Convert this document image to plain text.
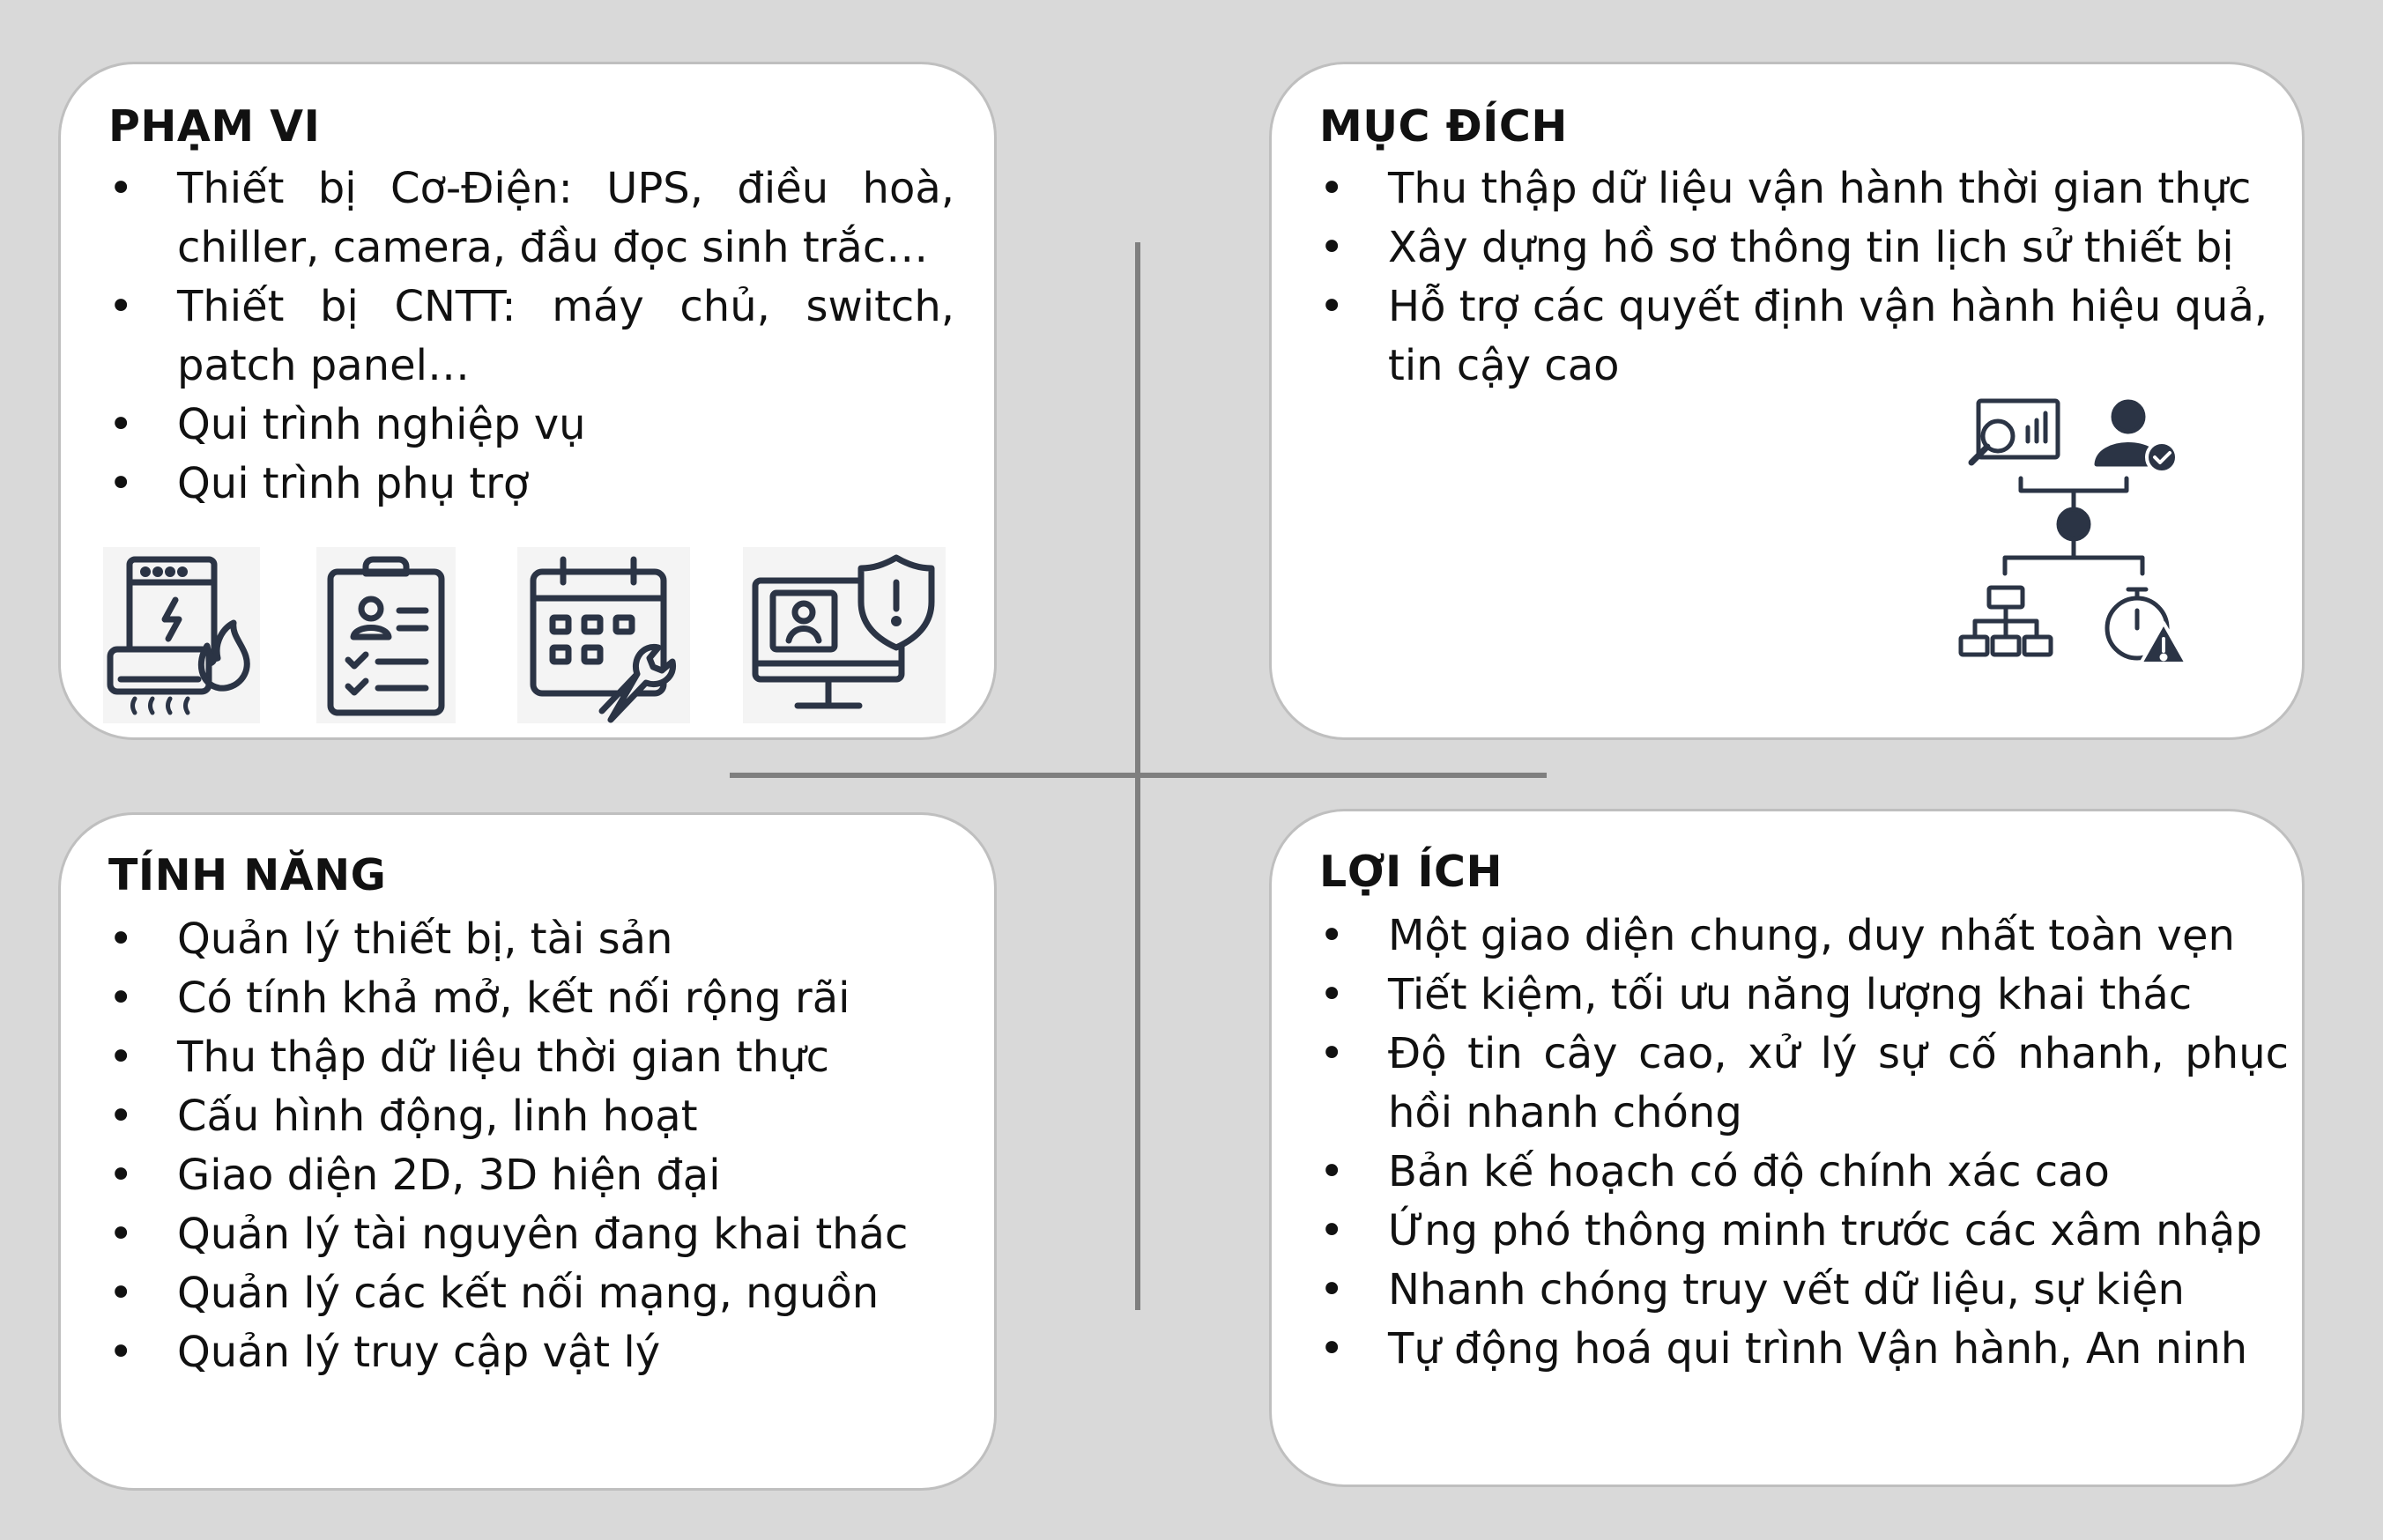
PHẠM VI
• Thiết bị Cơ-Điện: UPS, điều hoà, chiller, camera, đầu đọc sinh trắc…
• Thiết bị CNTT: máy chủ, switch, patch panel…
• Qui trình nghiệp vụ
• Qui trình phụ trợ
MỤC ĐÍCH
• Thu thập dữ liệu vận hành thời gian thực
• Xây dựng hồ sơ thông tin lịch sử thiết bị
• Hỗ trợ các quyết định vận hành hiệu quả, tin cậy cao
TÍNH NĂNG
• Quản lý thiết bị, tài sản
• Có tính khả mở, kết nối rộng rãi
• Thu thập dữ liệu thời gian thực
• Cấu hình động, linh hoạt
• Giao diện 2D, 3D hiện đại
• Quản lý tài nguyên đang khai thác
• Quản lý các kết nối mạng, nguồn
• Quản lý truy cập vật lý
LỢI ÍCH
• Một giao diện chung, duy nhất toàn vẹn
• Tiết kiệm, tối ưu năng lượng khai thác
• Độ tin cây cao, xử lý sự cố nhanh, phục hồi nhanh chóng
• Bản kế hoạch có độ chính xác cao
• Ứng phó thông minh trước các xâm nhập
• Nhanh chóng truy vết dữ liệu, sự kiện
• Tự động hoá qui trình Vận hành, An ninh
